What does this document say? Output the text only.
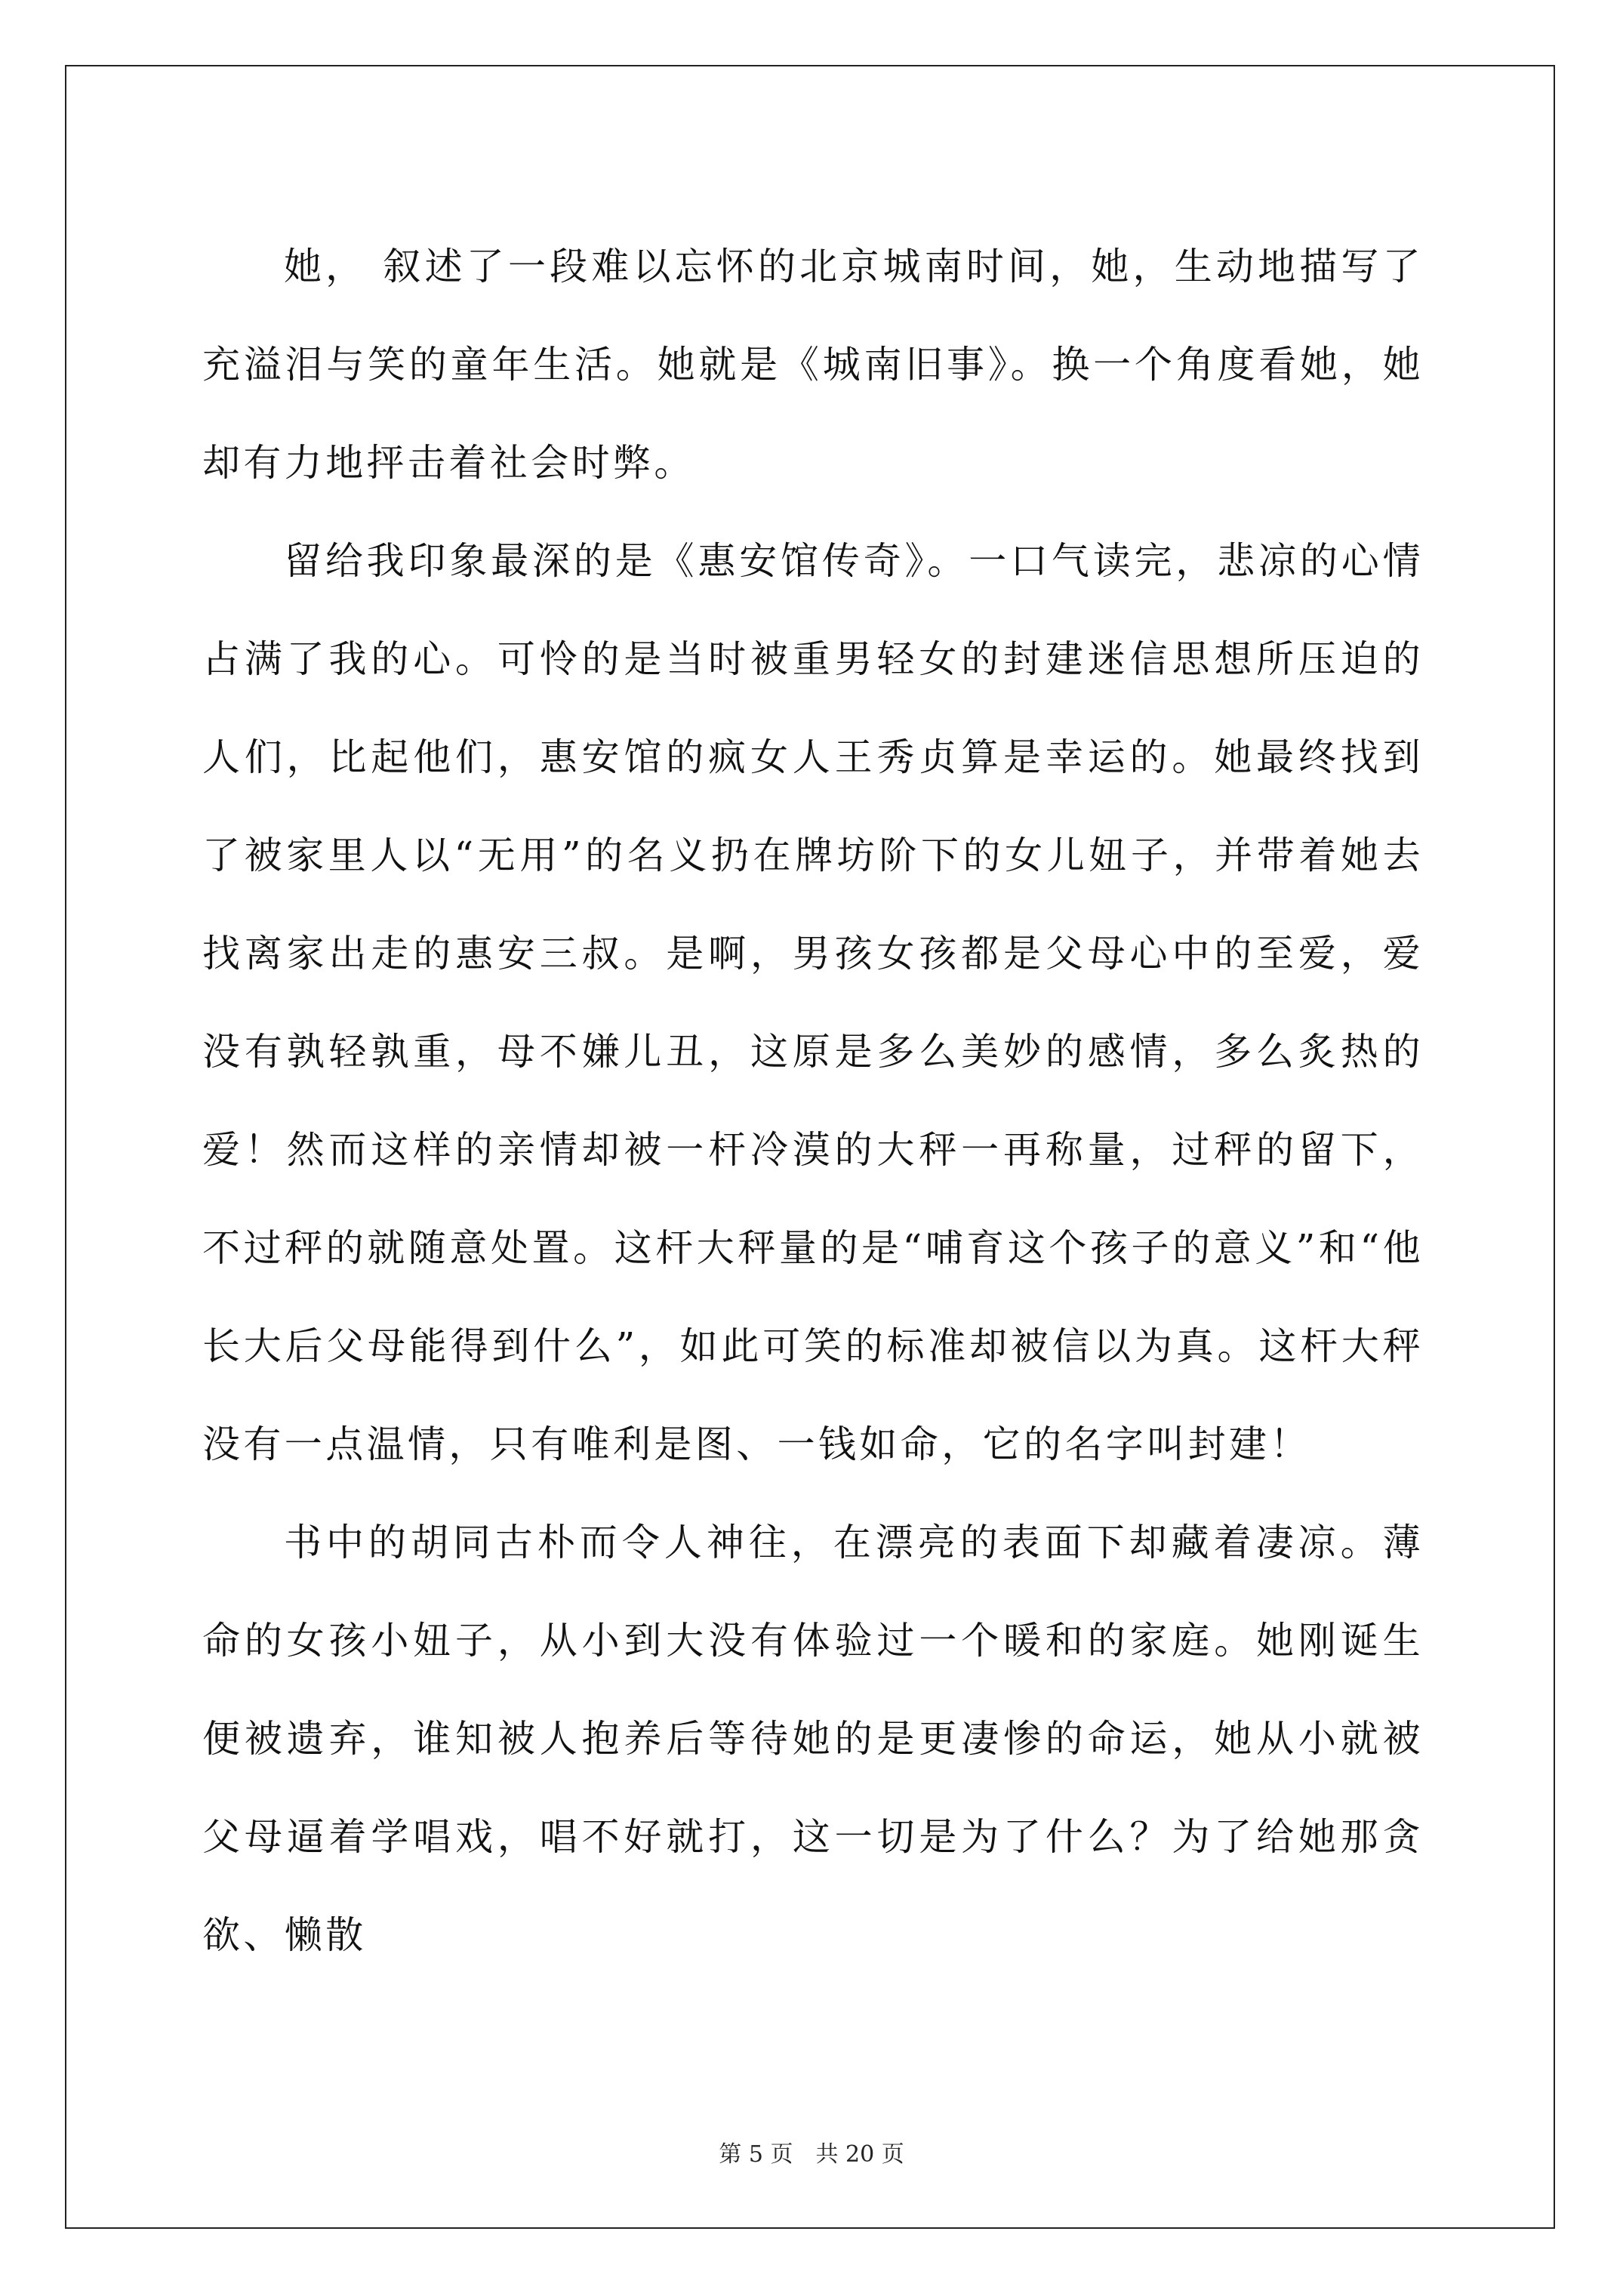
她， 叙述了一段难以忘怀的北京城南时间，她，生动地描写了充溢泪与笑的童年生活。她就是《城南旧事》。换一个角度看她，她却有力地抨击着社会时弊。

留给我印象最深的是《惠安馆传奇》。一口气读完，悲凉的心情占满了我的心。可怜的是当时被重男轻女的封建迷信思想所压迫的人们，比起他们，惠安馆的疯女人王秀贞算是幸运的。她最终找到了被家里人以“无用”的名义扔在牌坊阶下的女儿妞子，并带着她去找离家出走的惠安三叔。是啊，男孩女孩都是父母心中的至爱，爱没有孰轻孰重，母不嫌儿丑，这原是多么美妙的感情，多么炙热的爱！然而这样的亲情却被一杆冷漠的大秤一再称量，过秤的留下，不过秤的就随意处置。这杆大秤量的是“哺育这个孩子的意义”和“他长大后父母能得到什么”，如此可笑的标准却被信以为真。这杆大秤没有一点温情，只有唯利是图、一钱如命，它的名字叫封建！

书中的胡同古朴而令人神往，在漂亮的表面下却藏着凄凉。薄命的女孩小妞子，从小到大没有体验过一个暖和的家庭。她刚诞生便被遗弃，谁知被人抱养后等待她的是更凄惨的命运，她从小就被父母逼着学唱戏，唱不好就打，这一切是为了什么？为了给她那贪欲、懒散

第 5 页　共 20 页
